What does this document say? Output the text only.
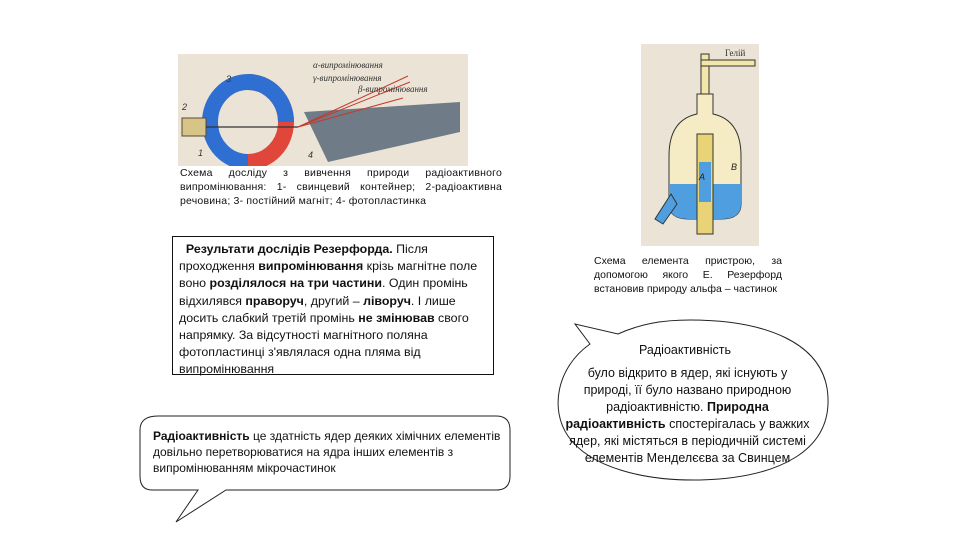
α-випромінювання
γ-випромінювання
β-випромінювання
1
2
3
4
Схема досліду з вивчення природи радіоактивного випромінювання: 1- свинцевий контейнер; 2-радіоактивна речовина; 3- постійний магніт; 4- фотопластинка
Результати дослідів Резерфорда. Після проходження випромінювання крізь магнітне поле воно розділялося на три частини. Один промінь відхилявся праворуч, другий – ліворуч. І лише досить слабкий третій промінь не змінював свого напрямку. За відсутності магнітного поляна фотопластинці з'являлася одна пляма від випромінювання
Радіоактивність це здатність ядер деяких хімічних елементів довільно перетворюватися на ядра інших елементів з випромінюванням мікрочастинок
Гелій
A
B
Схема елемента пристрою, за допомогою якого Е. Резерфорд встановив природу альфа – частинок
Радіоактивність
було відкрито в ядер, які існують у природі, її було названо природною радіоактивністю. Природна радіоактивність спостерігалась у важких ядер, які містяться в періодичній системі елементів Менделєєва за Свинцем
